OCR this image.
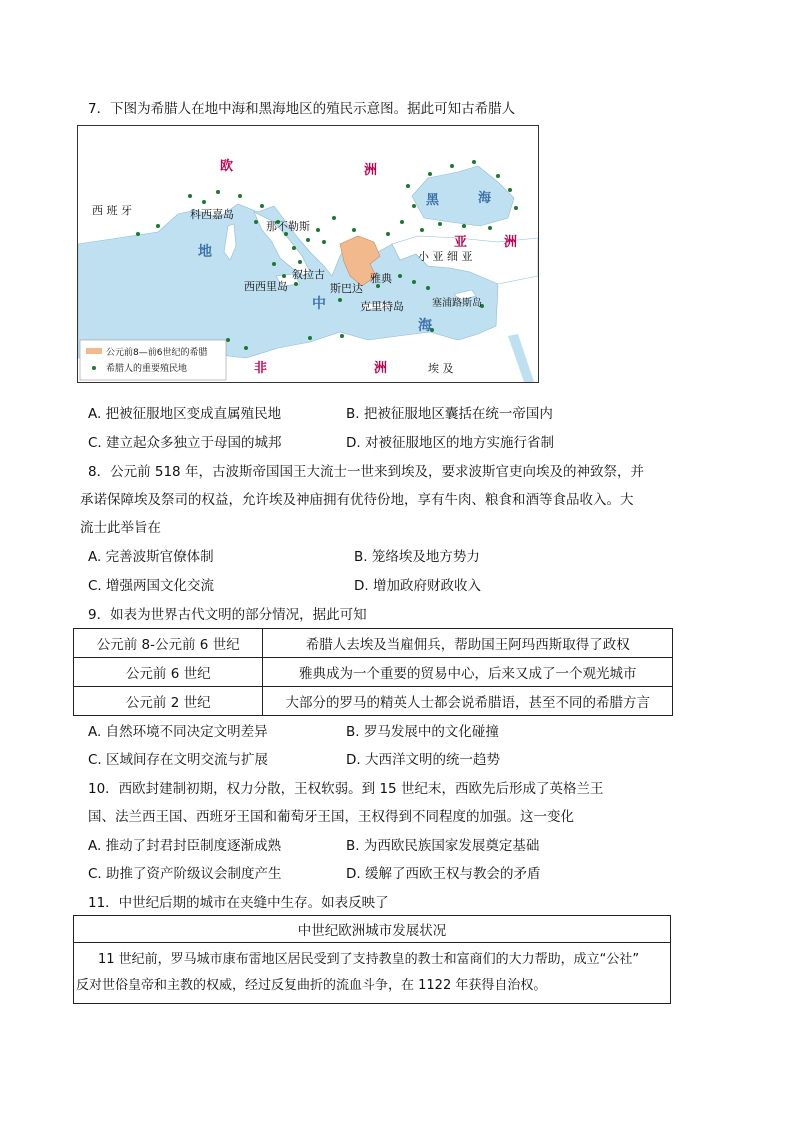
7．下图为希腊人在地中海和黑海地区的殖民示意图。据此可知古希腊人
欧	洲
西 班 牙	科西嘉岛
那不勒斯
叙拉古
西西里岛	斯巴达
雅典
克里特岛	塞浦路斯岛
小 亚 细 亚
黑	海
亚	洲
地
中
海
非	洲	埃 及
公元前8—前6世纪的希腊
希腊人的重要殖民地
A. 把被征服地区变成直属殖民地	B. 把被征服地区囊括在统一帝国内
C. 建立起众多独立于母国的城邦	D. 对被征服地区的地方实施行省制
8．公元前 518 年，古波斯帝国国王大流士一世来到埃及，要求波斯官吏向埃及的神致祭，并
承诺保障埃及祭司的权益，允许埃及神庙拥有优待份地，享有牛肉、粮食和酒等食品收入。大
流士此举旨在
A. 完善波斯官僚体制	B. 笼络埃及地方势力
C. 增强两国文化交流	D. 增加政府财政收入
9．如表为世界古代文明的部分情况，据此可知
公元前 8-公元前 6 世纪	希腊人去埃及当雇佣兵，帮助国王阿玛西斯取得了政权
公元前 6 世纪	雅典成为一个重要的贸易中心，后来又成了一个观光城市
公元前 2 世纪	大部分的罗马的精英人士都会说希腊语，甚至不同的希腊方言
A. 自然环境不同决定文明差异	B. 罗马发展中的文化碰撞
C. 区域间存在文明交流与扩展	D. 大西洋文明的统一趋势
10．西欧封建制初期，权力分散，王权软弱。到 15 世纪末，西欧先后形成了英格兰王
国、法兰西王国、西班牙王国和葡萄牙王国，王权得到不同程度的加强。这一变化
A. 推动了封君封臣制度逐渐成熟	B. 为西欧民族国家发展奠定基础
C. 助推了资产阶级议会制度产生	D. 缓解了西欧王权与教会的矛盾
11．中世纪后期的城市在夹缝中生存。如表反映了
中世纪欧洲城市发展状况

11 世纪前，罗马城市康布雷地区居民受到了支持教皇的教士和富商们的大力帮助，成立“公社”
反对世俗皇帝和主教的权威，经过反复曲折的流血斗争，在 1122 年获得自治权。
